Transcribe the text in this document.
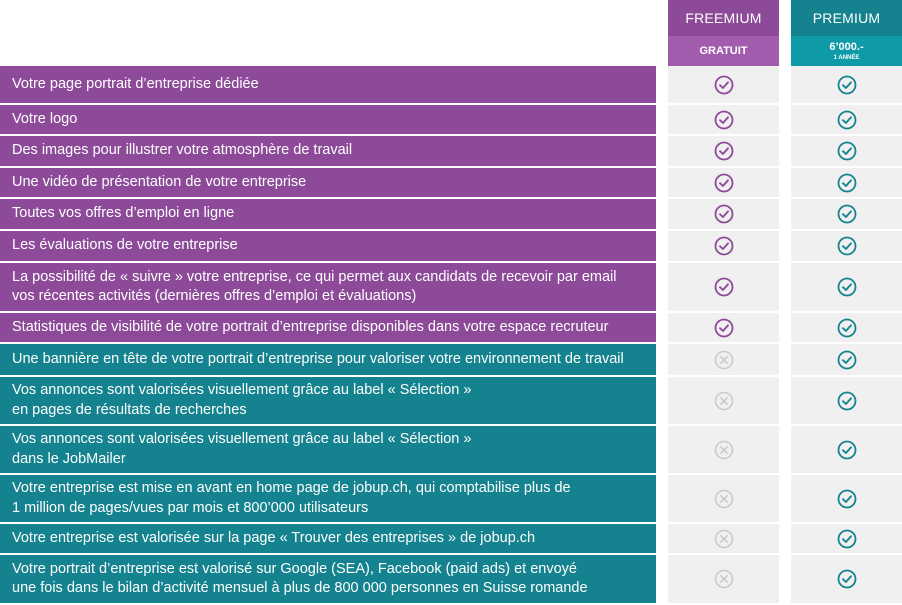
FREEMIUM	PREMIUM
GRATUIT	6’000.-
1 ANNÉE
Votre page portrait d’entreprise dédiée
Votre logo
Des images pour illustrer votre atmosphère de travail
Une vidéo de présentation de votre entreprise
Toutes vos offres d’emploi en ligne
Les évaluations de votre entreprise
La possibilité de « suivre » votre entreprise, ce qui permet aux candidats de recevoir par email
vos récentes activités (dernières offres d’emploi et évaluations)
Statistiques de visibilité de votre portrait d’entreprise disponibles dans votre espace recruteur
Une bannière en tête de votre portrait d’entreprise pour valoriser votre environnement de travail
Vos annonces sont valorisées visuellement grâce au label « Sélection »
en pages de résultats de recherches
Vos annonces sont valorisées visuellement grâce au label « Sélection »
dans le JobMailer
Votre entreprise est mise en avant en home page de jobup.ch, qui comptabilise plus de
1 million de pages/vues par mois et 800’000 utilisateurs
Votre entreprise est valorisée sur la page « Trouver des entreprises » de jobup.ch
Votre portrait d’entreprise est valorisé sur Google (SEA), Facebook (paid ads) et envoyé
une fois dans le bilan d’activité mensuel à plus de 800 000 personnes en Suisse romande
